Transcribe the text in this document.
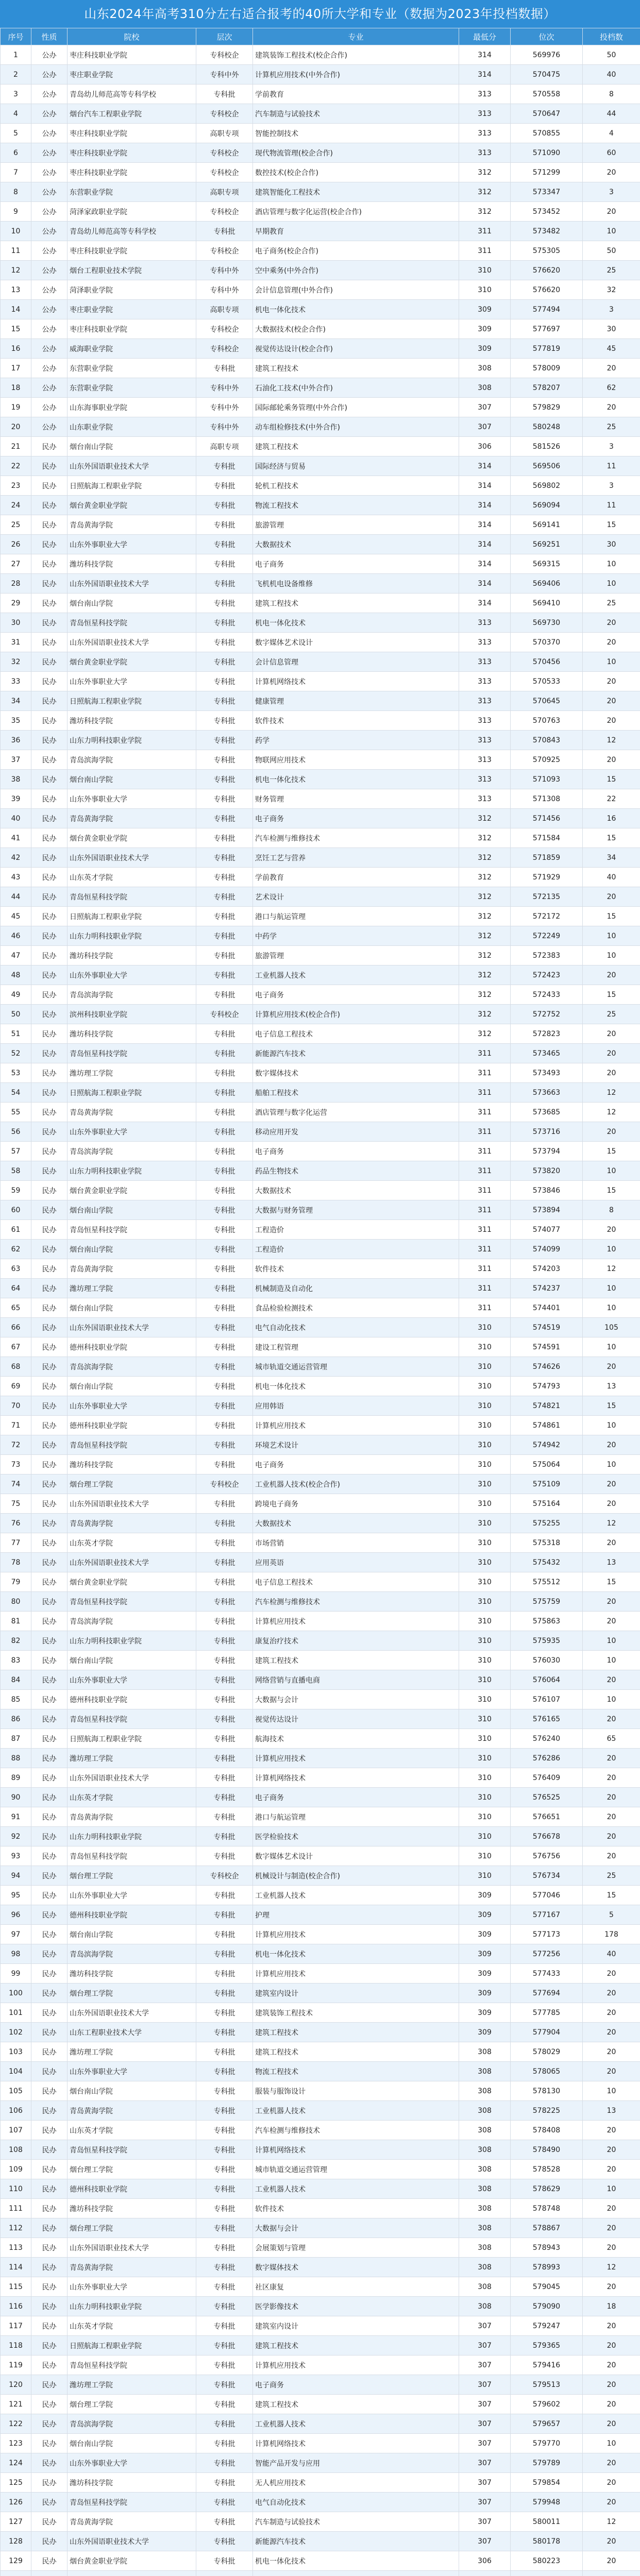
山东2024年高考310分左右适合报考的40所大学和专业（数据为2023年投档数据）
序号	性质	院校	层次	专业	最低分	位次	投档数
1	公办	枣庄科技职业学院	专科校企	建筑装饰工程技术(校企合作)	314	569976	50
2	公办	枣庄职业学院	专科中外	计算机应用技术(中外合作)	314	570475	40
3	公办	青岛幼儿师范高等专科学校	专科批	学前教育	313	570558	8
4	公办	烟台汽车工程职业学院	专科校企	汽车制造与试验技术	313	570647	44
5	公办	枣庄科技职业学院	高职专项	智能控制技术	313	570855	4
6	公办	枣庄科技职业学院	专科校企	现代物流管理(校企合作)	313	571090	60
7	公办	枣庄科技职业学院	专科校企	数控技术(校企合作)	312	571299	20
8	公办	东营职业学院	高职专项	建筑智能化工程技术	312	573347	3
9	公办	菏泽家政职业学院	专科校企	酒店管理与数字化运营(校企合作)	312	573452	20
10	公办	青岛幼儿师范高等专科学校	专科批	早期教育	311	573482	10
11	公办	枣庄科技职业学院	专科校企	电子商务(校企合作)	311	575305	50
12	公办	烟台工程职业技术学院	专科中外	空中乘务(中外合作)	310	576620	25
13	公办	菏泽职业学院	专科中外	会计信息管理(中外合作)	310	576620	32
14	公办	枣庄职业学院	高职专项	机电一体化技术	309	577494	3
15	公办	枣庄科技职业学院	专科校企	大数据技术(校企合作)	309	577697	30
16	公办	威海职业学院	专科校企	视觉传达设计(校企合作)	309	577819	45
17	公办	东营职业学院	专科批	建筑工程技术	308	578009	20
18	公办	东营职业学院	专科中外	石油化工技术(中外合作)	308	578207	62
19	公办	山东海事职业学院	专科中外	国际邮轮乘务管理(中外合作)	307	579829	20
20	公办	山东职业学院	专科中外	动车组检修技术(中外合作)	307	580248	25
21	民办	烟台南山学院	高职专项	建筑工程技术	306	581526	3
22	民办	山东外国语职业技术大学	专科批	国际经济与贸易	314	569506	11
23	民办	日照航海工程职业学院	专科批	轮机工程技术	314	569802	3
24	民办	烟台黄金职业学院	专科批	物流工程技术	314	569094	11
25	民办	青岛黄海学院	专科批	旅游管理	314	569141	15
26	民办	山东外事职业大学	专科批	大数据技术	314	569251	30
27	民办	潍坊科技学院	专科批	电子商务	314	569315	10
28	民办	山东外国语职业技术大学	专科批	飞机机电设备维修	314	569406	10
29	民办	烟台南山学院	专科批	建筑工程技术	314	569410	25
30	民办	青岛恒星科技学院	专科批	机电一体化技术	313	569730	20
31	民办	山东外国语职业技术大学	专科批	数字媒体艺术设计	313	570370	20
32	民办	烟台黄金职业学院	专科批	会计信息管理	313	570456	10
33	民办	山东外事职业大学	专科批	计算机网络技术	313	570533	20
34	民办	日照航海工程职业学院	专科批	健康管理	313	570645	20
35	民办	潍坊科技学院	专科批	软件技术	313	570763	20
36	民办	山东力明科技职业学院	专科批	药学	313	570843	12
37	民办	青岛滨海学院	专科批	物联网应用技术	313	570925	20
38	民办	烟台南山学院	专科批	机电一体化技术	313	571093	15
39	民办	山东外事职业大学	专科批	财务管理	313	571308	22
40	民办	青岛黄海学院	专科批	电子商务	312	571456	16
41	民办	烟台黄金职业学院	专科批	汽车检测与维修技术	312	571584	15
42	民办	山东外国语职业技术大学	专科批	烹饪工艺与营养	312	571859	34
43	民办	山东英才学院	专科批	学前教育	312	571929	40
44	民办	青岛恒星科技学院	专科批	艺术设计	312	572135	20
45	民办	日照航海工程职业学院	专科批	港口与航运管理	312	572172	15
46	民办	山东力明科技职业学院	专科批	中药学	312	572249	10
47	民办	潍坊科技学院	专科批	旅游管理	312	572383	10
48	民办	山东外事职业大学	专科批	工业机器人技术	312	572423	20
49	民办	青岛滨海学院	专科批	电子商务	312	572433	15
50	民办	滨州科技职业学院	专科校企	计算机应用技术(校企合作)	312	572752	25
51	民办	潍坊科技学院	专科批	电子信息工程技术	312	572823	20
52	民办	青岛恒星科技学院	专科批	新能源汽车技术	311	573465	20
53	民办	潍坊理工学院	专科批	数字媒体技术	311	573493	20
54	民办	日照航海工程职业学院	专科批	船舶工程技术	311	573663	12
55	民办	青岛黄海学院	专科批	酒店管理与数字化运营	311	573685	12
56	民办	山东外事职业大学	专科批	移动应用开发	311	573716	20
57	民办	青岛滨海学院	专科批	电子商务	311	573794	15
58	民办	山东力明科技职业学院	专科批	药品生物技术	311	573820	10
59	民办	烟台黄金职业学院	专科批	大数据技术	311	573846	15
60	民办	烟台南山学院	专科批	大数据与财务管理	311	573894	8
61	民办	青岛恒星科技学院	专科批	工程造价	311	574077	20
62	民办	烟台南山学院	专科批	工程造价	311	574099	10
63	民办	青岛黄海学院	专科批	软件技术	311	574203	12
64	民办	潍坊理工学院	专科批	机械制造及自动化	311	574237	10
65	民办	烟台南山学院	专科批	食品检验检测技术	311	574401	10
66	民办	山东外国语职业技术大学	专科批	电气自动化技术	310	574519	105
67	民办	德州科技职业学院	专科批	建设工程管理	310	574591	10
68	民办	青岛滨海学院	专科批	城市轨道交通运营管理	310	574626	20
69	民办	烟台南山学院	专科批	机电一体化技术	310	574793	13
70	民办	山东外事职业大学	专科批	应用韩语	310	574821	15
71	民办	德州科技职业学院	专科批	计算机应用技术	310	574861	10
72	民办	青岛恒星科技学院	专科批	环境艺术设计	310	574942	20
73	民办	潍坊科技学院	专科批	电子商务	310	575064	10
74	民办	烟台理工学院	专科校企	工业机器人技术(校企合作)	310	575109	20
75	民办	山东外国语职业技术大学	专科批	跨境电子商务	310	575164	20
76	民办	青岛黄海学院	专科批	大数据技术	310	575255	12
77	民办	山东英才学院	专科批	市场营销	310	575318	20
78	民办	山东外国语职业技术大学	专科批	应用英语	310	575432	13
79	民办	烟台黄金职业学院	专科批	电子信息工程技术	310	575512	15
80	民办	青岛恒星科技学院	专科批	汽车检测与维修技术	310	575759	20
81	民办	青岛滨海学院	专科批	计算机应用技术	310	575863	20
82	民办	山东力明科技职业学院	专科批	康复治疗技术	310	575935	10
83	民办	烟台南山学院	专科批	建筑工程技术	310	576030	10
84	民办	山东外事职业大学	专科批	网络营销与直播电商	310	576064	20
85	民办	德州科技职业学院	专科批	大数据与会计	310	576107	10
86	民办	青岛恒星科技学院	专科批	视觉传达设计	310	576165	20
87	民办	日照航海工程职业学院	专科批	航海技术	310	576240	65
88	民办	潍坊理工学院	专科批	计算机应用技术	310	576286	20
89	民办	山东外国语职业技术大学	专科批	计算机网络技术	310	576409	20
90	民办	山东英才学院	专科批	电子商务	310	576525	20
91	民办	青岛黄海学院	专科批	港口与航运管理	310	576651	20
92	民办	山东力明科技职业学院	专科批	医学检验技术	310	576678	20
93	民办	青岛恒星科技学院	专科批	数字媒体艺术设计	310	576756	20
94	民办	烟台理工学院	专科校企	机械设计与制造(校企合作)	310	576734	25
95	民办	山东外事职业大学	专科批	工业机器人技术	309	577046	15
96	民办	德州科技职业学院	专科批	护理	309	577167	5
97	民办	烟台南山学院	专科批	计算机应用技术	309	577173	178
98	民办	青岛滨海学院	专科批	机电一体化技术	309	577256	40
99	民办	潍坊科技学院	专科批	计算机应用技术	309	577433	20
100	民办	烟台理工学院	专科批	建筑室内设计	309	577694	20
101	民办	山东外国语职业技术大学	专科批	建筑装饰工程技术	309	577785	20
102	民办	山东工程职业技术大学	专科批	建筑工程技术	309	577904	20
103	民办	潍坊理工学院	专科批	建筑工程技术	308	578029	20
104	民办	山东外事职业大学	专科批	物流工程技术	308	578065	20
105	民办	烟台南山学院	专科批	服装与服饰设计	308	578130	10
106	民办	青岛黄海学院	专科批	工业机器人技术	308	578225	13
107	民办	山东英才学院	专科批	汽车检测与维修技术	308	578408	20
108	民办	青岛恒星科技学院	专科批	计算机网络技术	308	578490	20
109	民办	烟台理工学院	专科批	城市轨道交通运营管理	308	578528	20
110	民办	德州科技职业学院	专科批	工业机器人技术	308	578629	10
111	民办	潍坊科技学院	专科批	软件技术	308	578748	20
112	民办	烟台理工学院	专科批	大数据与会计	308	578867	20
113	民办	山东外国语职业技术大学	专科批	会展策划与管理	308	578943	20
114	民办	青岛黄海学院	专科批	数字媒体技术	308	578993	12
115	民办	山东外事职业大学	专科批	社区康复	308	579045	20
116	民办	山东力明科技职业学院	专科批	医学影像技术	308	579090	18
117	民办	山东英才学院	专科批	建筑室内设计	307	579247	20
118	民办	日照航海工程职业学院	专科批	建筑工程技术	307	579365	20
119	民办	青岛恒星科技学院	专科批	计算机应用技术	307	579416	20
120	民办	潍坊理工学院	专科批	电子商务	307	579513	20
121	民办	烟台理工学院	专科批	建筑工程技术	307	579602	20
122	民办	青岛滨海学院	专科批	工业机器人技术	307	579657	20
123	民办	烟台南山学院	专科批	计算机网络技术	307	579770	10
124	民办	山东外事职业大学	专科批	智能产品开发与应用	307	579789	20
125	民办	潍坊科技学院	专科批	无人机应用技术	307	579854	20
126	民办	青岛恒星科技学院	专科批	电气自动化技术	307	579948	20
127	民办	青岛黄海学院	专科批	汽车制造与试验技术	307	580011	12
128	民办	山东外国语职业技术大学	专科批	新能源汽车技术	307	580178	20
129	民办	烟台黄金职业学院	专科批	机电一体化技术	306	580223	20
